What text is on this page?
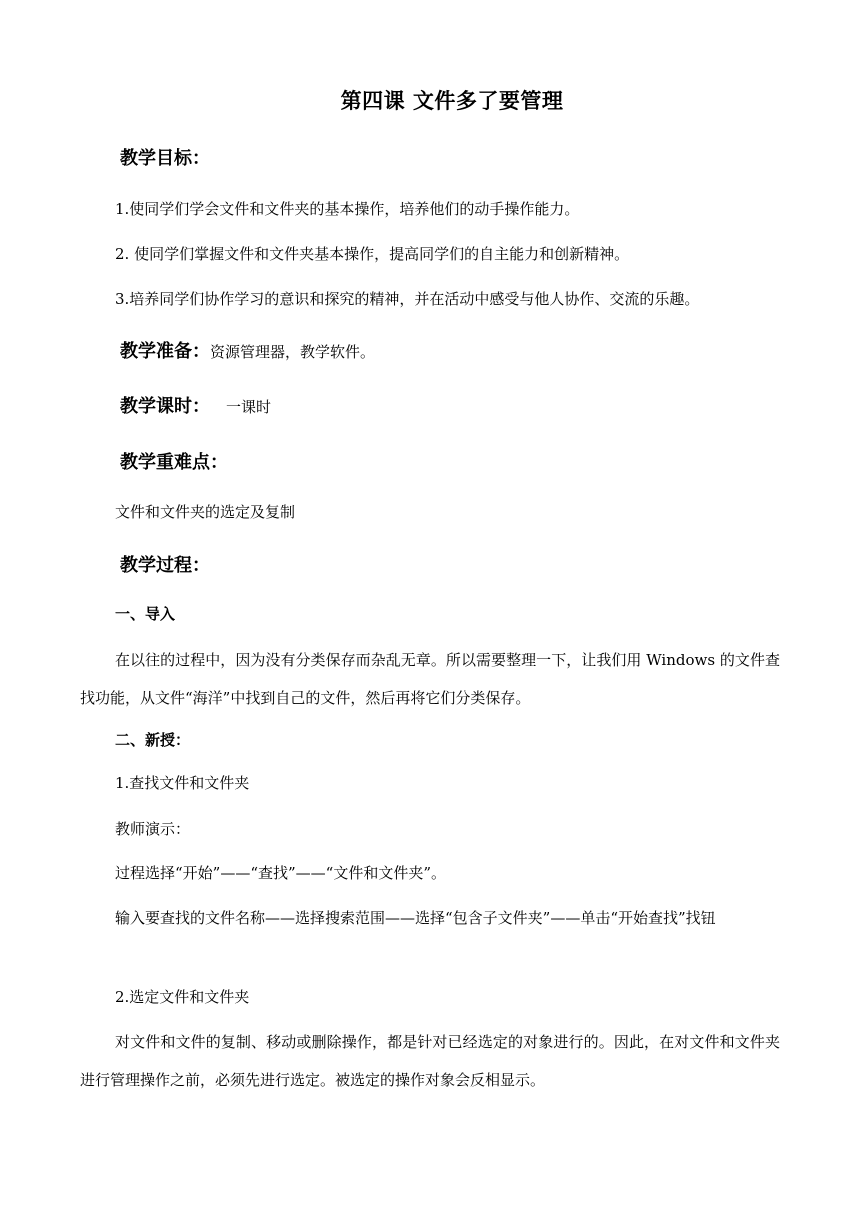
第四课 文件多了要管理
教学目标：
1.使同学们学会文件和文件夹的基本操作，培养他们的动手操作能力。
2. 使同学们掌握文件和文件夹基本操作，提高同学们的自主能力和创新精神。
3.培养同学们协作学习的意识和探究的精神，并在活动中感受与他人协作、交流的乐趣。
教学准备：资源管理器，教学软件。
教学课时： 一课时
教学重难点：
文件和文件夹的选定及复制
教学过程：
一、导入
在以往的过程中，因为没有分类保存而杂乱无章。所以需要整理一下，让我们用 Windows 的文件查找功能，从文件“海洋”中找到自己的文件，然后再将它们分类保存。
二、新授：
1.查找文件和文件夹
教师演示：
过程选择“开始”——“查找”——“文件和文件夹”。
输入要查找的文件名称——选择搜索范围——选择“包含子文件夹”——单击“开始查找”找钮
2.选定文件和文件夹
对文件和文件的复制、移动或删除操作，都是针对已经选定的对象进行的。因此，在对文件和文件夹进行管理操作之前，必须先进行选定。被选定的操作对象会反相显示。
